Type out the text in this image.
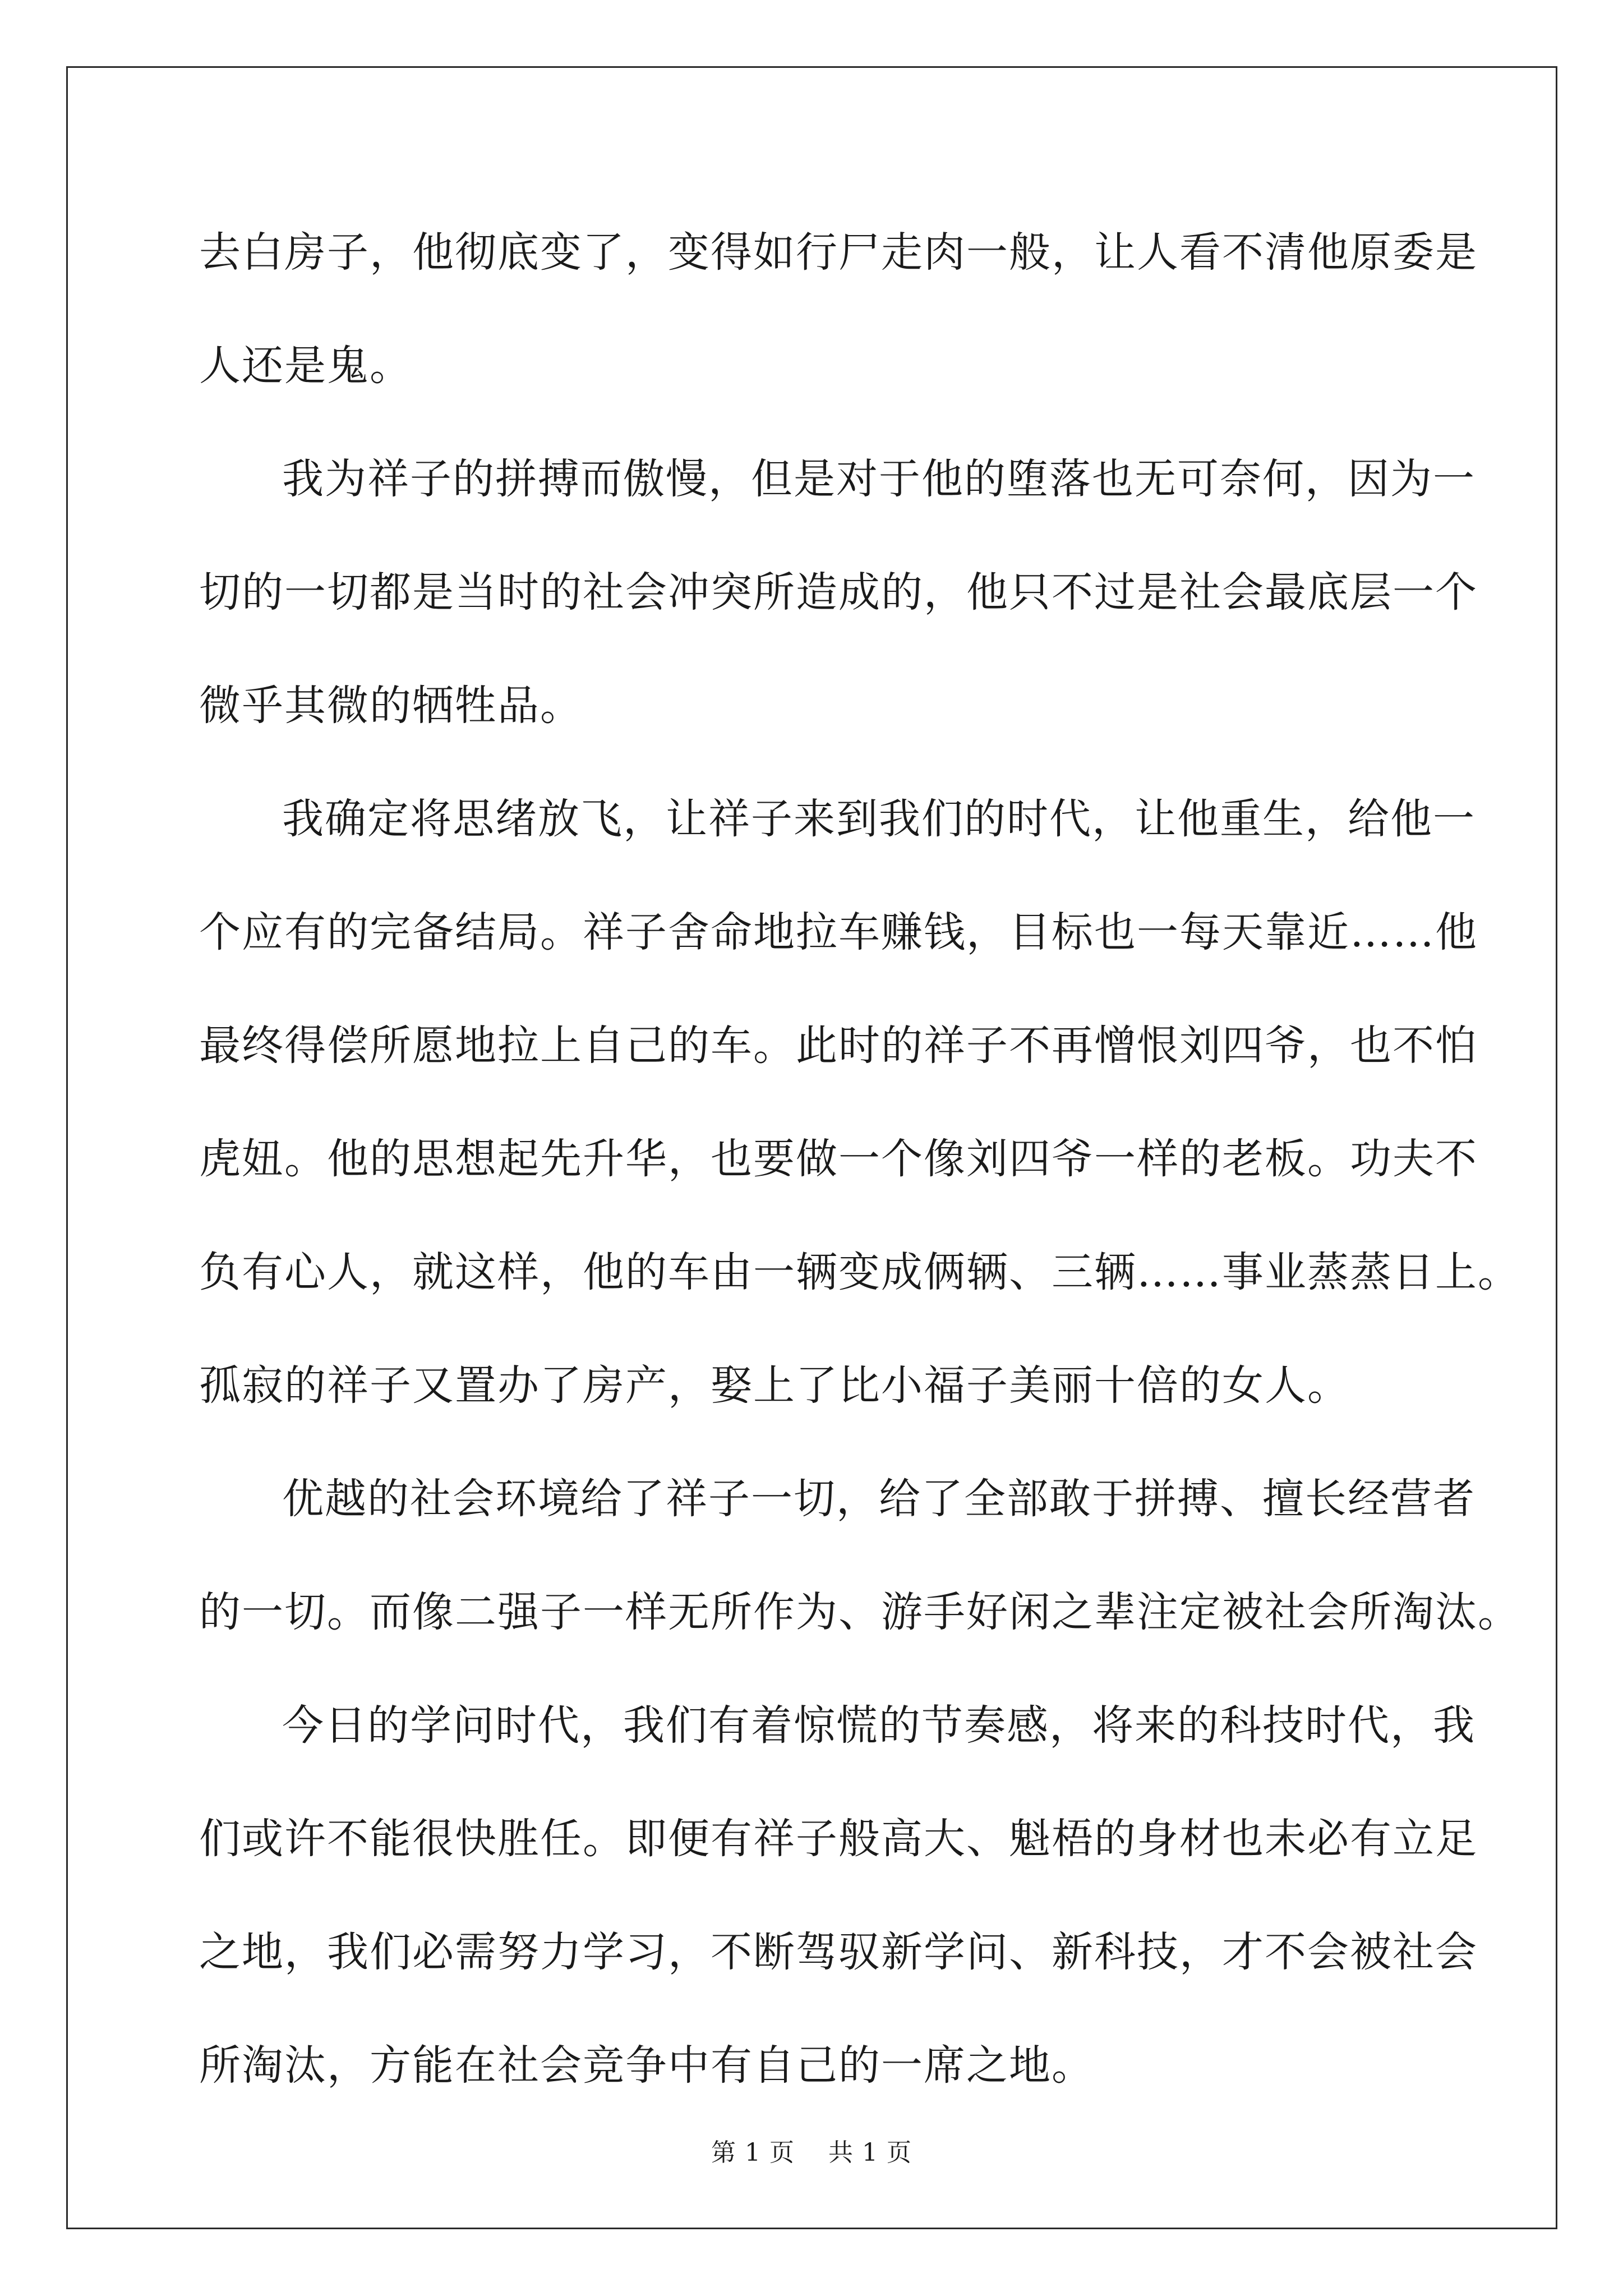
去白房子，他彻底变了，变得如行尸走肉一般，让人看不清他原委是
人还是鬼。
我为祥子的拼搏而傲慢，但是对于他的堕落也无可奈何，因为一
切的一切都是当时的社会冲突所造成的，他只不过是社会最底层一个
微乎其微的牺牲品。
我确定将思绪放飞，让祥子来到我们的时代，让他重生，给他一
个应有的完备结局。祥子舍命地拉车赚钱，目标也一每天靠近……他
最终得偿所愿地拉上自己的车。此时的祥子不再憎恨刘四爷，也不怕
虎妞。他的思想起先升华，也要做一个像刘四爷一样的老板。功夫不
负有心人，就这样，他的车由一辆变成俩辆、三辆……事业蒸蒸日上。
孤寂的祥子又置办了房产，娶上了比小福子美丽十倍的女人。
优越的社会环境给了祥子一切，给了全部敢于拼搏、擅长经营者
的一切。而像二强子一样无所作为、游手好闲之辈注定被社会所淘汰。
今日的学问时代，我们有着惊慌的节奏感，将来的科技时代，我
们或许不能很快胜任。即便有祥子般高大、魁梧的身材也未必有立足
之地，我们必需努力学习，不断驾驭新学问、新科技，才不会被社会
所淘汰，方能在社会竞争中有自己的一席之地。
第 1 页 共 1 页
